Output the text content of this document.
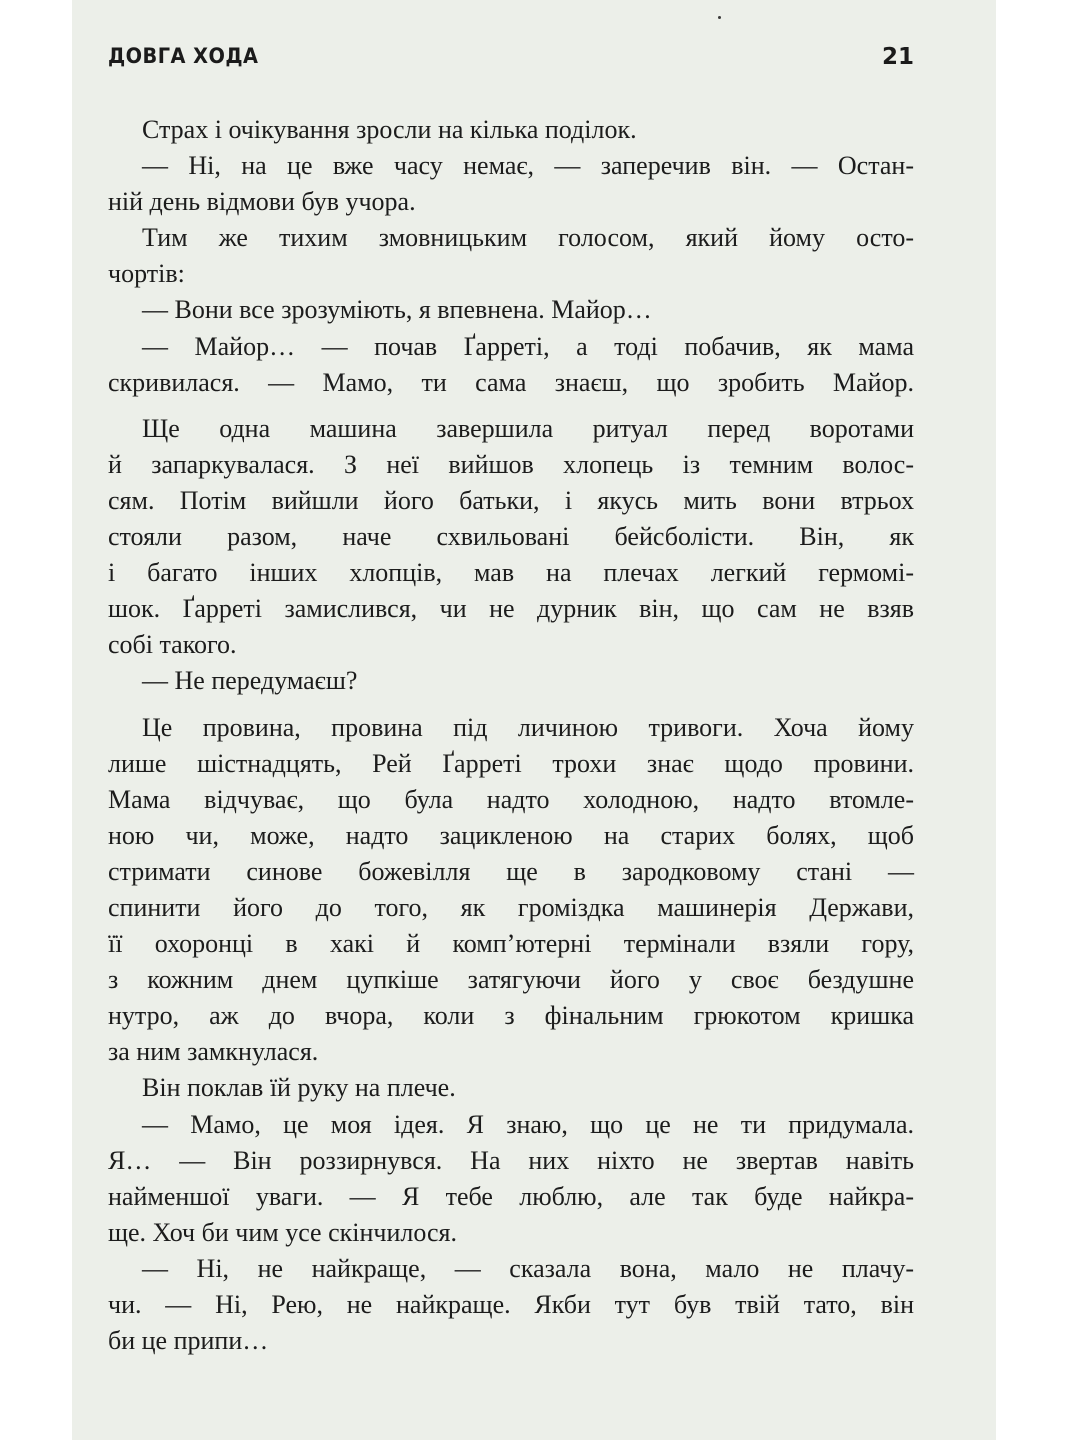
ДОВГА ХОДА	21
Страх і очікування зросли на кілька поділок.
— Ні, на це вже часу немає, — заперечив він. — Остан-
ній день відмови був учора.
Тим же тихим змовницьким голосом, який йому осто-
чортів:
— Вони все зрозуміють, я впевнена. Майор…
— Майор… — почав Ґарреті, а тоді побачив, як мама
скривилася. — Мамо, ти сама знаєш, що зробить Майор.
Ще одна машина завершила ритуал перед воротами
й запаркувалася. З неї вийшов хлопець із темним волос-
сям. Потім вийшли його батьки, і якусь мить вони втрьох
стояли разом, наче схвильовані бейсболісти. Він, як
і багато інших хлопців, мав на плечах легкий гермомі-
шок. Ґарреті замислився, чи не дурник він, що сам не взяв
собі такого.
— Не передумаєш?
Це провина, провина під личиною тривоги. Хоча йому
лише шістнадцять, Рей Ґарреті трохи знає щодо провини.
Мама відчуває, що була надто холодною, надто втомле-
ною чи, може, надто зацикленою на старих болях, щоб
стримати синове божевілля ще в зародковому стані —
спинити його до того, як громіздка машинерія Держави,
її охоронці в хакі й комп’ютерні термінали взяли гору,
з кожним днем цупкіше затягуючи його у своє бездушне
нутро, аж до вчора, коли з фінальним грюкотом кришка
за ним замкнулася.
Він поклав їй руку на плече.
— Мамо, це моя ідея. Я знаю, що це не ти придумала.
Я… — Він роззирнувся. На них ніхто не звертав навіть
найменшої уваги. — Я тебе люблю, але так буде найкра-
ще. Хоч би чим усе скінчилося.
— Ні, не найкраще, — сказала вона, мало не плачу-
чи. — Ні, Рею, не найкраще. Якби тут був твій тато, він
би це припи…
